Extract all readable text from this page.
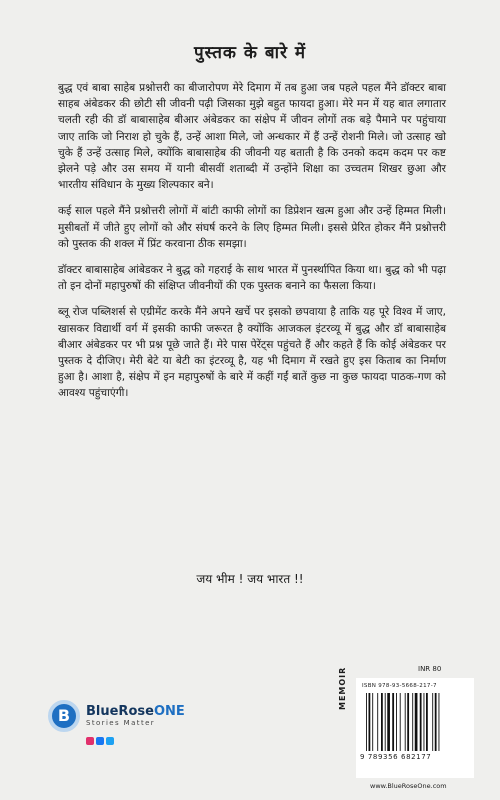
पुस्तक के बारे में

बुद्ध एवं बाबा साहेब प्रश्नोत्तरी का बीजारोपण मेरे दिमाग में तब हुआ जब पहले पहल मैंने डॉक्टर बाबा साहब अंबेडकर की छोटी सी जीवनी पढ़ी जिसका मुझे बहुत फायदा हुआ। मेरे मन में यह बात लगातार चलती रही की डॉ बाबासाहेब बीआर अंबेडकर का संक्षेप में जीवन लोगों तक बड़े पैमाने पर पहुंचाया जाए ताकि जो निराश हो चुके हैं, उन्हें आशा मिले, जो अन्धकार में हैं उन्हें रोशनी मिले। जो उत्साह खो चुके हैं उन्हें उत्साह मिले, क्योंकि बाबासाहेब की जीवनी यह बताती है कि उनको कदम कदम पर कष्ट झेलने पड़े और उस समय में यानी बीसवीं शताब्दी में उन्होंने शिक्षा का उच्चतम शिखर छुआ और भारतीय संविधान के मुख्य शिल्पकार बने।

कई साल पहले मैंने प्रश्नोत्तरी लोगों में बांटी काफी लोगों का डिप्रेशन खत्म हुआ और उन्हें हिम्मत मिली। मुसीबतों में जीते हुए लोगों को और संघर्ष करने के लिए हिम्मत मिली। इससे प्रेरित होकर मैंने प्रश्नोत्तरी को पुस्तक की शक्ल में प्रिंट करवाना ठीक समझा।

डॉक्टर बाबासाहेब आंबेडकर ने बुद्ध को गहराई के साथ भारत में पुनर्स्थापित किया था। बुद्ध को भी पढ़ा तो इन दोनों महापुरुषों की संक्षिप्त जीवनीयों की एक पुस्तक बनाने का फैसला किया।

ब्लू रोज पब्लिशर्स से एग्रीमेंट करके मैंने अपने खर्चे पर इसको छपवाया है ताकि यह पूरे विश्व में जाए, खासकर विद्यार्थी वर्ग में इसकी काफी जरूरत है क्योंकि आजकल इंटरव्यू में बुद्ध और डॉ बाबासाहेब बीआर अंबेडकर पर भी प्रश्न पूछे जाते हैं। मेरे पास पेरेंट्स पहुंचते हैं और कहते हैं कि कोई अंबेडकर पर पुस्तक दे दीजिए। मेरी बेटे या बेटी का इंटरव्यू है, यह भी दिमाग में रखते हुए इस किताब का निर्माण हुआ है। आशा है, संक्षेप में इन महापुरुषों के बारे में कहीं गईं बातें कुछ ना कुछ फायदा पाठक-गण को आवश्य पहुंचाएंगी।

जय भीम ! जय भारत !!
B	BlueRoseONE
Stories Matter
MEMOIR	INR 80
ISBN 978-93-5668-217-7
9 789356 682177
www.BlueRoseOne.com
